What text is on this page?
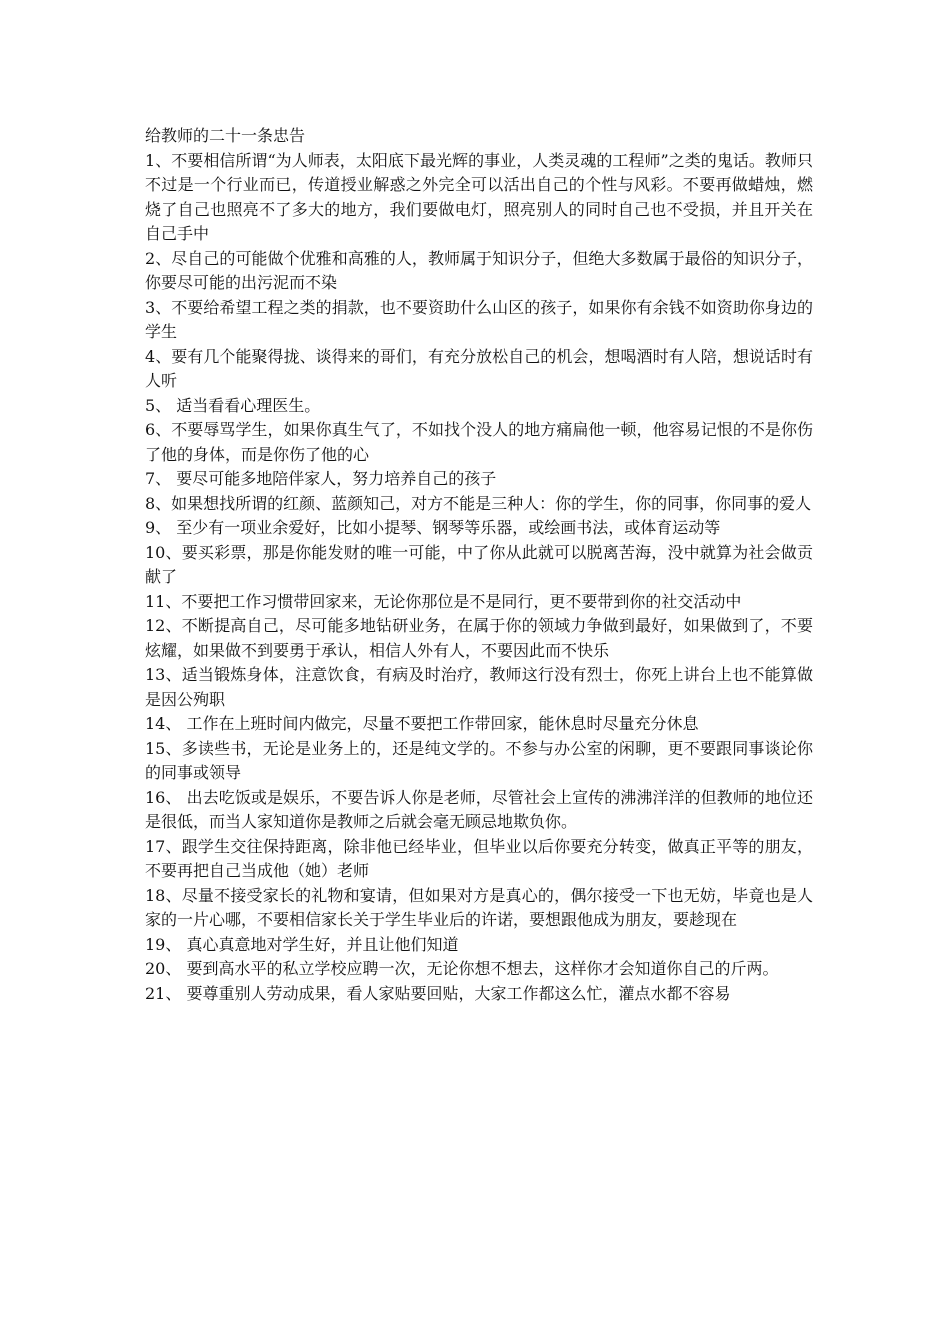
给教师的二十一条忠告

1、不要相信所谓“为人师表，太阳底下最光辉的事业，人类灵魂的工程师”之类的鬼话。教师只不过是一个行业而已，传道授业解惑之外完全可以活出自己的个性与风彩。不要再做蜡烛，燃烧了自己也照亮不了多大的地方，我们要做电灯，照亮别人的同时自己也不受损，并且开关在自己手中

2、尽自己的可能做个优雅和高雅的人，教师属于知识分子，但绝大多数属于最俗的知识分子，你要尽可能的出污泥而不染

3、不要给希望工程之类的捐款，也不要资助什么山区的孩子，如果你有余钱不如资助你身边的学生

4、要有几个能聚得拢、谈得来的哥们，有充分放松自己的机会，想喝酒时有人陪，想说话时有人听

5、 适当看看心理医生。

6、不要辱骂学生，如果你真生气了，不如找个没人的地方痛扁他一顿，他容易记恨的不是你伤了他的身体，而是你伤了他的心

7、 要尽可能多地陪伴家人，努力培养自己的孩子

8、如果想找所谓的红颜、蓝颜知己，对方不能是三种人：你的学生，你的同事，你同事的爱人

9、 至少有一项业余爱好，比如小提琴、钢琴等乐器，或绘画书法，或体育运动等

10、要买彩票，那是你能发财的唯一可能，中了你从此就可以脱离苦海，没中就算为社会做贡献了

11、不要把工作习惯带回家来，无论你那位是不是同行，更不要带到你的社交活动中

12、不断提高自己，尽可能多地钻研业务，在属于你的领域力争做到最好，如果做到了，不要炫耀，如果做不到要勇于承认，相信人外有人，不要因此而不快乐

13、适当锻炼身体，注意饮食，有病及时治疗，教师这行没有烈士，你死上讲台上也不能算做是因公殉职

14、 工作在上班时间内做完，尽量不要把工作带回家，能休息时尽量充分休息

15、多读些书，无论是业务上的，还是纯文学的。不参与办公室的闲聊，更不要跟同事谈论你的同事或领导

16、 出去吃饭或是娱乐，不要告诉人你是老师，尽管社会上宣传的沸沸洋洋的但教师的地位还是很低，而当人家知道你是教师之后就会毫无顾忌地欺负你。

17、跟学生交往保持距离，除非他已经毕业，但毕业以后你要充分转变，做真正平等的朋友，不要再把自己当成他（她）老师

18、尽量不接受家长的礼物和宴请，但如果对方是真心的，偶尔接受一下也无妨，毕竟也是人家的一片心哪，不要相信家长关于学生毕业后的许诺，要想跟他成为朋友，要趁现在

19、 真心真意地对学生好，并且让他们知道

20、 要到高水平的私立学校应聘一次，无论你想不想去，这样你才会知道你自己的斤两。

21、 要尊重别人劳动成果，看人家贴要回贴，大家工作都这么忙，灌点水都不容易
